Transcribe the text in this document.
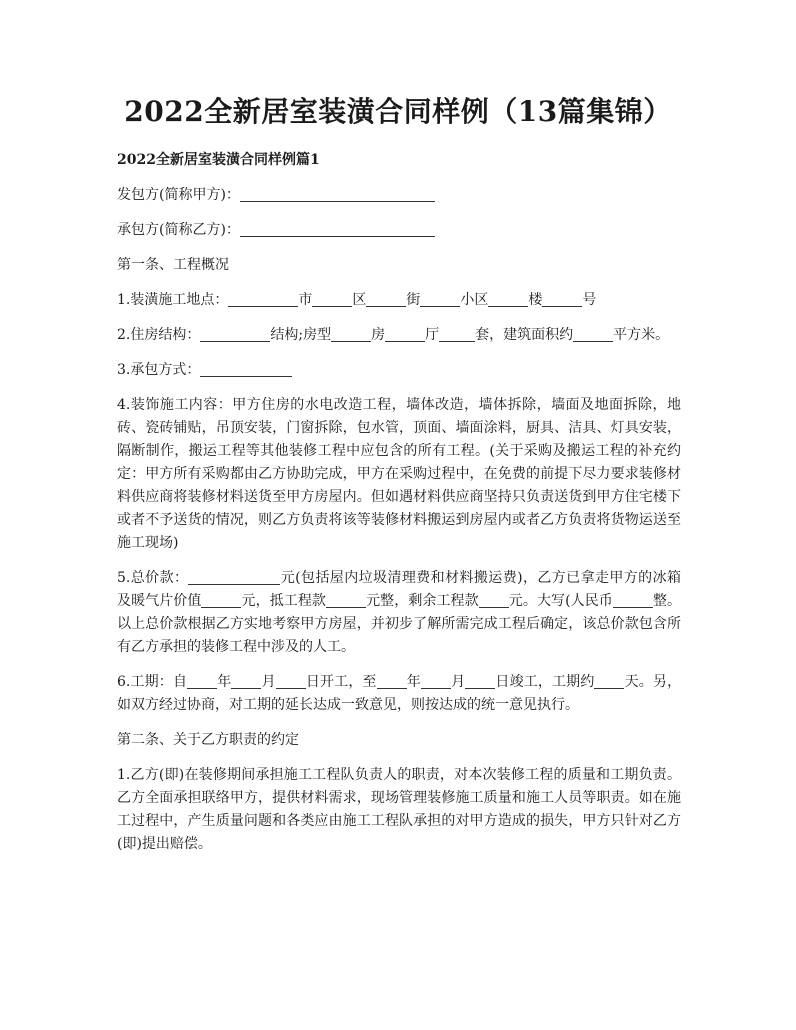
2022全新居室装潢合同样例（13篇集锦）
2022全新居室装潢合同样例篇1
发包方(简称甲方)：
承包方(简称乙方)：
第一条、工程概况
1.装潢施工地点：	市	区	街	小区	楼	号
2.住房结构：	结构;房型	房	厅	套，建筑面积约	平方米。
3.承包方式：
4.装饰施工内容：甲方住房的水电改造工程，墙体改造，墙体拆除，墙面及地面拆除，地砖、瓷砖铺贴，吊顶安装，门窗拆除，包水管，顶面、墙面涂料，厨具、洁具、灯具安装，隔断制作，搬运工程等其他装修工程中应包含的所有工程。(关于采购及搬运工程的补充约定：甲方所有采购都由乙方协助完成，甲方在采购过程中，在免费的前提下尽力要求装修材料供应商将装修材料送货至甲方房屋内。但如遇材料供应商坚持只负责送货到甲方住宅楼下或者不予送货的情况，则乙方负责将该等装修材料搬运到房屋内或者乙方负责将货物运送至施工现场)
5.总价款：	元(包括屋内垃圾清理费和材料搬运费)，乙方已拿走甲方的冰箱及暖气片价值	元，抵工程款	元整，剩余工程款 元。大写(人民币	整。以上总价款根据乙方实地考察甲方房屋，并初步了解所需完成工程后确定，该总价款包含所有乙方承担的装修工程中涉及的人工。
6.工期：自 年 月 日开工，至 年 月 日竣工，工期约 天。另，如双方经过协商，对工期的延长达成一致意见，则按达成的统一意见执行。
第二条、关于乙方职责的约定
1.乙方(即)在装修期间承担施工工程队负责人的职责，对本次装修工程的质量和工期负责。乙方全面承担联络甲方，提供材料需求，现场管理装修施工质量和施工人员等职责。如在施工过程中，产生质量问题和各类应由施工工程队承担的对甲方造成的损失，甲方只针对乙方(即)提出赔偿。
